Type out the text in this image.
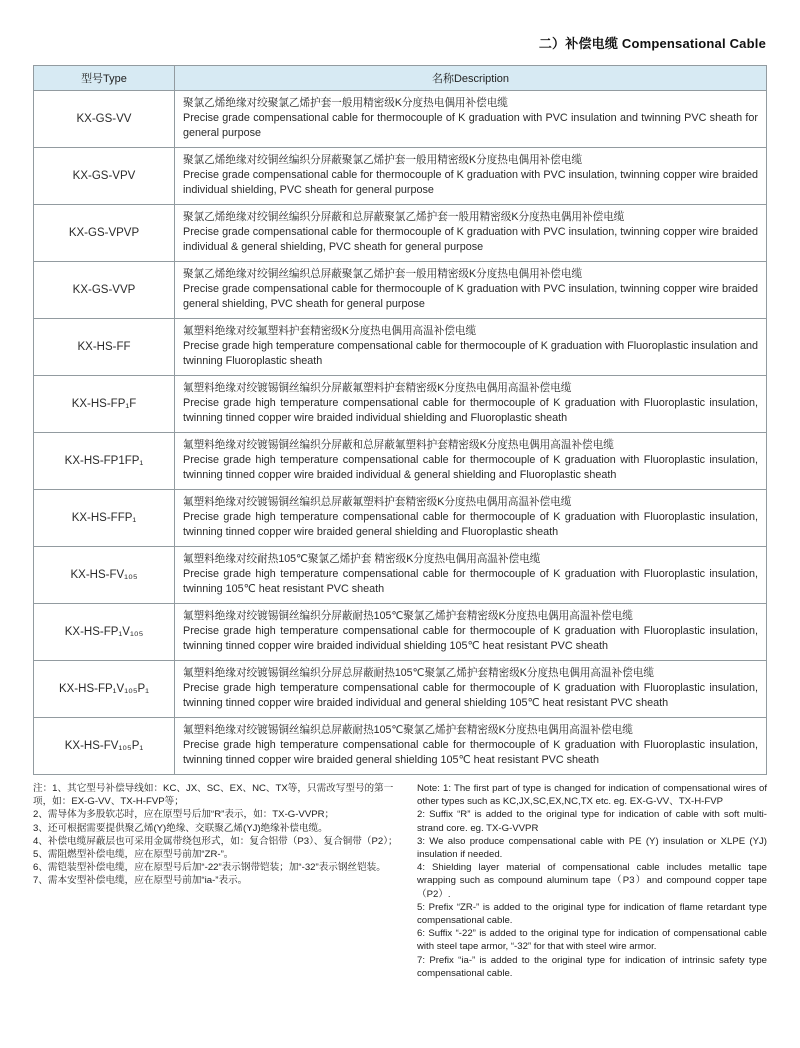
二）补偿电缆 Compensational Cable
型号Type	名称Description
KX-GS-VV	聚氯乙烯绝缘对绞聚氯乙烯护套一般用精密级K分度热电偶用补偿电缆
Precise grade compensational cable for thermocouple of K graduation with PVC insulation and twinning PVC sheath for general purpose

KX-GS-VPV	聚氯乙烯绝缘对绞铜丝编织分屏蔽聚氯乙烯护套一般用精密级K分度热电偶用补偿电缆
Precise grade compensational cable for thermocouple of K graduation with PVC insulation, twinning copper wire braided individual shielding, PVC sheath for general purpose

KX-GS-VPVP	聚氯乙烯绝缘对绞铜丝编织分屏蔽和总屏蔽聚氯乙烯护套一般用精密级K分度热电偶用补偿电缆
Precise grade compensational cable for thermocouple of K graduation with PVC insulation, twinning copper wire braided individual & general shielding, PVC sheath for general purpose

KX-GS-VVP	聚氯乙烯绝缘对绞铜丝编织总屏蔽聚氯乙烯护套一般用精密级K分度热电偶用补偿电缆
Precise grade compensational cable for thermocouple of K graduation with PVC insulation, twinning copper wire braided general shielding, PVC sheath for general purpose

KX-HS-FF	氟塑料绝缘对绞氟塑料护套精密级K分度热电偶用高温补偿电缆
Precise grade high temperature compensational cable for thermocouple of K graduation with Fluoroplastic insulation and twinning Fluoroplastic sheath

KX-HS-FP₁F	氟塑料绝缘对绞镀锡铜丝编织分屏蔽氟塑料护套精密级K分度热电偶用高温补偿电缆
Precise grade high temperature compensational cable for thermocouple of K graduation with Fluoroplastic insulation, twinning tinned copper wire braided individual shielding and Fluoroplastic sheath

KX-HS-FP1FP₁	氟塑料绝缘对绞镀锡铜丝编织分屏蔽和总屏蔽氟塑料护套精密级K分度热电偶用高温补偿电缆
Precise grade high temperature compensational cable for thermocouple of K graduation with Fluoroplastic insulation, twinning tinned copper wire braided individual & general shielding and Fluoroplastic sheath

KX-HS-FFP₁	氟塑料绝缘对绞镀锡铜丝编织总屏蔽氟塑料护套精密级K分度热电偶用高温补偿电缆
Precise grade high temperature compensational cable for thermocouple of K graduation with Fluoroplastic insulation, twinning tinned copper wire braided general shielding and Fluoroplastic sheath

KX-HS-FV₁₀₅	氟塑料绝缘对绞耐热105℃聚氯乙烯护套 精密级K分度热电偶用高温补偿电缆
Precise grade high temperature compensational cable for thermocouple of K graduation with Fluoroplastic insulation, twinning 105℃ heat resistant PVC sheath

KX-HS-FP₁V₁₀₅	氟塑料绝缘对绞镀锡铜丝编织分屏蔽耐热105℃聚氯乙烯护套精密级K分度热电偶用高温补偿电缆
Precise grade high temperature compensational cable for thermocouple of K graduation with Fluoroplastic insulation, twinning tinned copper wire braided individual shielding 105℃ heat resistant PVC sheath

KX-HS-FP₁V₁₀₅P₁	氟塑料绝缘对绞镀锡铜丝编织分屏总屏蔽耐热105℃聚氯乙烯护套精密级K分度热电偶用高温补偿电缆
Precise grade high temperature compensational cable for thermocouple of K graduation with Fluoroplastic insulation, twinning tinned copper wire braided individual and general shielding 105℃ heat resistant PVC sheath

KX-HS-FV₁₀₅P₁	氟塑料绝缘对绞镀锡铜丝编织总屏蔽耐热105℃聚氯乙烯护套精密级K分度热电偶用高温补偿电缆
Precise grade high temperature compensational cable for thermocouple of K graduation with Fluoroplastic insulation, twinning tinned copper wire braided general shielding 105℃ heat resistant PVC sheath
注：1、其它型号补偿导线如：KC、JX、SC、EX、NC、TX等，只需改写型号的第一项，如：EX-G-VV、TX-H-FVP等；
2、需导体为多股软芯时，应在原型号后加“R”表示，如：TX-G-VVPR；
3、还可根据需要提供聚乙烯(Y)绝缘、交联聚乙烯(YJ)绝缘补偿电缆。
4、补偿电缆屏蔽层也可采用金属带绕包形式，如：复合铝带（P3）、复合铜带（P2）；
5、需阻燃型补偿电缆，应在原型号前加“ZR-”。
6、需铠装型补偿电缆，应在原型号后加“-22”表示钢带铠装；加“-32”表示钢丝铠装。
7、需本安型补偿电缆，应在原型号前加“ia-”表示。
Note: 1: The first part of type is changed for indication of compensational wires of other types such as KC,JX,SC,EX,NC,TX etc. eg. EX-G-VV、TX-H-FVP
2: Suffix “R” is added to the original type for indication of cable with soft multi-strand core. eg. TX-G-VVPR
3: We also produce compensational cable with PE (Y) insulation or XLPE (YJ) insulation if needed.
4: Shielding layer material of compensational cable includes metallic tape wrapping such as compound aluminum tape（P3）and compound copper tape（P2）.
5: Prefix “ZR-” is added to the original type for indication of flame retardant type compensational cable.
6: Suffix “-22” is added to the original type for indication of compensational cable with steel tape armor, “-32” for that with steel wire armor.
7: Prefix “ia-” is added to the original type for indication of intrinsic safety type compensational cable.
